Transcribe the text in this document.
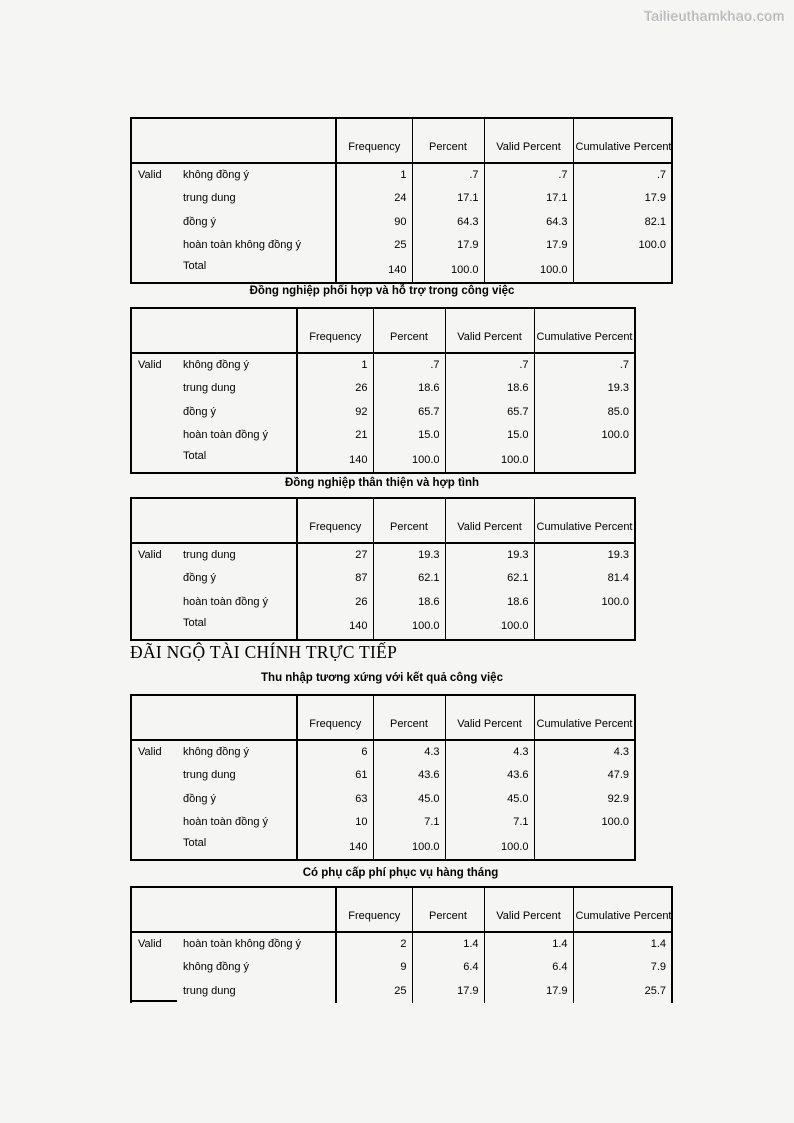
Tailieuthamkhao.com
		Frequency	Percent	Valid Percent	Cumulative Percent
Valid	không đồng ý	1	.7	.7	.7
	trung dung	24	17.1	17.1	17.9
	đồng ý	90	64.3	64.3	82.1
	hoàn toàn không đồng ý	25	17.9	17.9	100.0
	Total	140	100.0	100.0	
Đồng nghiệp phối hợp và hỗ trợ trong công việc
		Frequency	Percent	Valid Percent	Cumulative Percent
Valid	không đồng ý	1	.7	.7	.7
	trung dung	26	18.6	18.6	19.3
	đồng ý	92	65.7	65.7	85.0
	hoàn toàn đồng ý	21	15.0	15.0	100.0
	Total	140	100.0	100.0	
Đồng nghiệp thân thiện và hợp tình
		Frequency	Percent	Valid Percent	Cumulative Percent
Valid	trung dung	27	19.3	19.3	19.3
	đồng ý	87	62.1	62.1	81.4
	hoàn toàn đồng ý	26	18.6	18.6	100.0
	Total	140	100.0	100.0	
ĐÃI NGỘ TÀI CHÍNH TRỰC TIẾP
Thu nhập tương xứng với kết quả công việc
		Frequency	Percent	Valid Percent	Cumulative Percent
Valid	không đồng ý	6	4.3	4.3	4.3
	trung dung	61	43.6	43.6	47.9
	đồng ý	63	45.0	45.0	92.9
	hoàn toàn đồng ý	10	7.1	7.1	100.0
	Total	140	100.0	100.0	
Có phụ cấp phí phục vụ hàng tháng
		Frequency	Percent	Valid Percent	Cumulative Percent
Valid	hoàn toàn không đồng ý	2	1.4	1.4	1.4
	không đồng ý	9	6.4	6.4	7.9
	trung dung	25	17.9	17.9	25.7
